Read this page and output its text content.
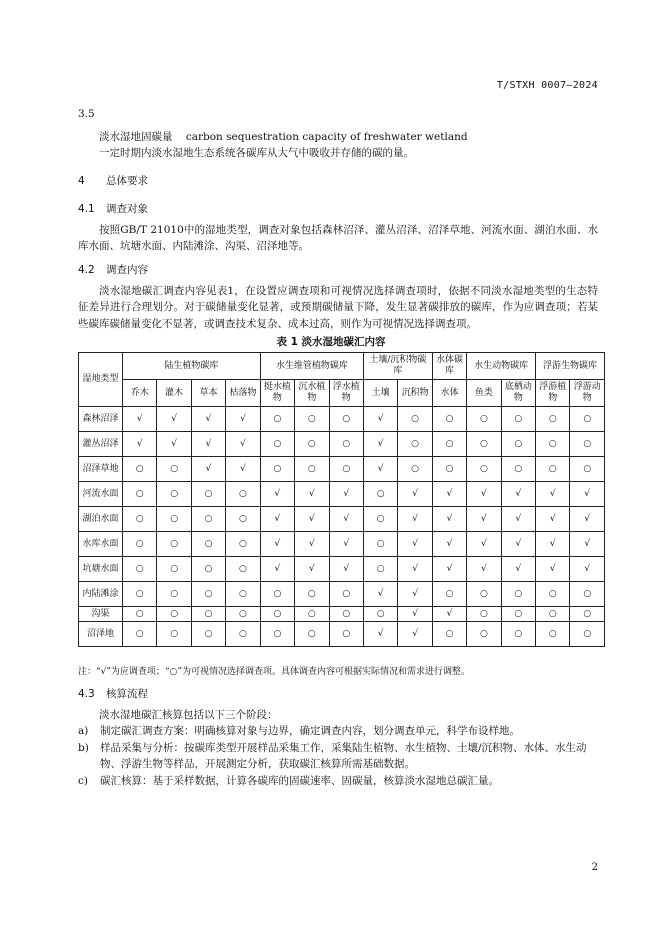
T/STXH 0007—2024
3.5
淡水湿地固碳量 carbon sequestration capacity of freshwater wetland
一定时期内淡水湿地生态系统各碳库从大气中吸收并存储的碳的量。
4 总体要求
4.1 调查对象
按照GB/T 21010中的湿地类型，调查对象包括森林沼泽、灌丛沼泽、沼泽草地、河流水面、湖泊水面、水库水面、坑塘水面、内陆滩涂、沟渠、沼泽地等。
4.2 调查内容
淡水湿地碳汇调查内容见表1，在设置应调查项和可视情况选择调查项时，依据不同淡水湿地类型的生态特征差异进行合理划分。对于碳储量变化显著，或预期碳储量下降，发生显著碳排放的碳库，作为应调查项；若某些碳库碳储量变化不显著，或调查技术复杂、成本过高，则作为可视情况选择调查项。
表 1 淡水湿地碳汇内容
湿地类型	陆生植物碳库				水生维管植物碳库			土壤/沉积物碳库		水体碳库	水生动物碳库		浮游生物碳库	
	乔木	灌木	草本	枯落物	挺水植物	沉水植物	浮水植物	土壤	沉积物	水体	鱼类	底栖动物	浮游植物	浮游动物
森林沼泽	√	√	√	√	○	○	○	√	○	○	○	○	○	○
灌丛沼泽	√	√	√	√	○	○	○	√	○	○	○	○	○	○
沼泽草地	○	○	√	√	○	○	○	√	○	○	○	○	○	○
河流水面	○	○	○	○	√	√	√	○	√	√	√	√	√	√
湖泊水面	○	○	○	○	√	√	√	○	√	√	√	√	√	√
水库水面	○	○	○	○	√	√	√	○	√	√	√	√	√	√
坑塘水面	○	○	○	○	√	√	√	○	√	√	√	√	√	√
内陆滩涂	○	○	○	○	○	○	○	√	√	○	○	○	○	○
沟渠	○	○	○	○	○	○	○	○	√	√	○	○	○	○
沼泽地	○	○	○	○	○	○	○	√	√	○	○	○	○	○
注：“√”为应调查项；“○”为可视情况选择调查项。具体调查内容可根据实际情况和需求进行调整。
4.3 核算流程
淡水湿地碳汇核算包括以下三个阶段：
a)	制定碳汇调查方案：明确核算对象与边界，确定调查内容，划分调查单元，科学布设样地。
b)	样品采集与分析：按碳库类型开展样品采集工作，采集陆生植物、水生植物、土壤/沉积物、水体、水生动物、浮游生物等样品，开展测定分析，获取碳汇核算所需基础数据。
c)	碳汇核算：基于采样数据，计算各碳库的固碳速率、固碳量，核算淡水湿地总碳汇量。
2
